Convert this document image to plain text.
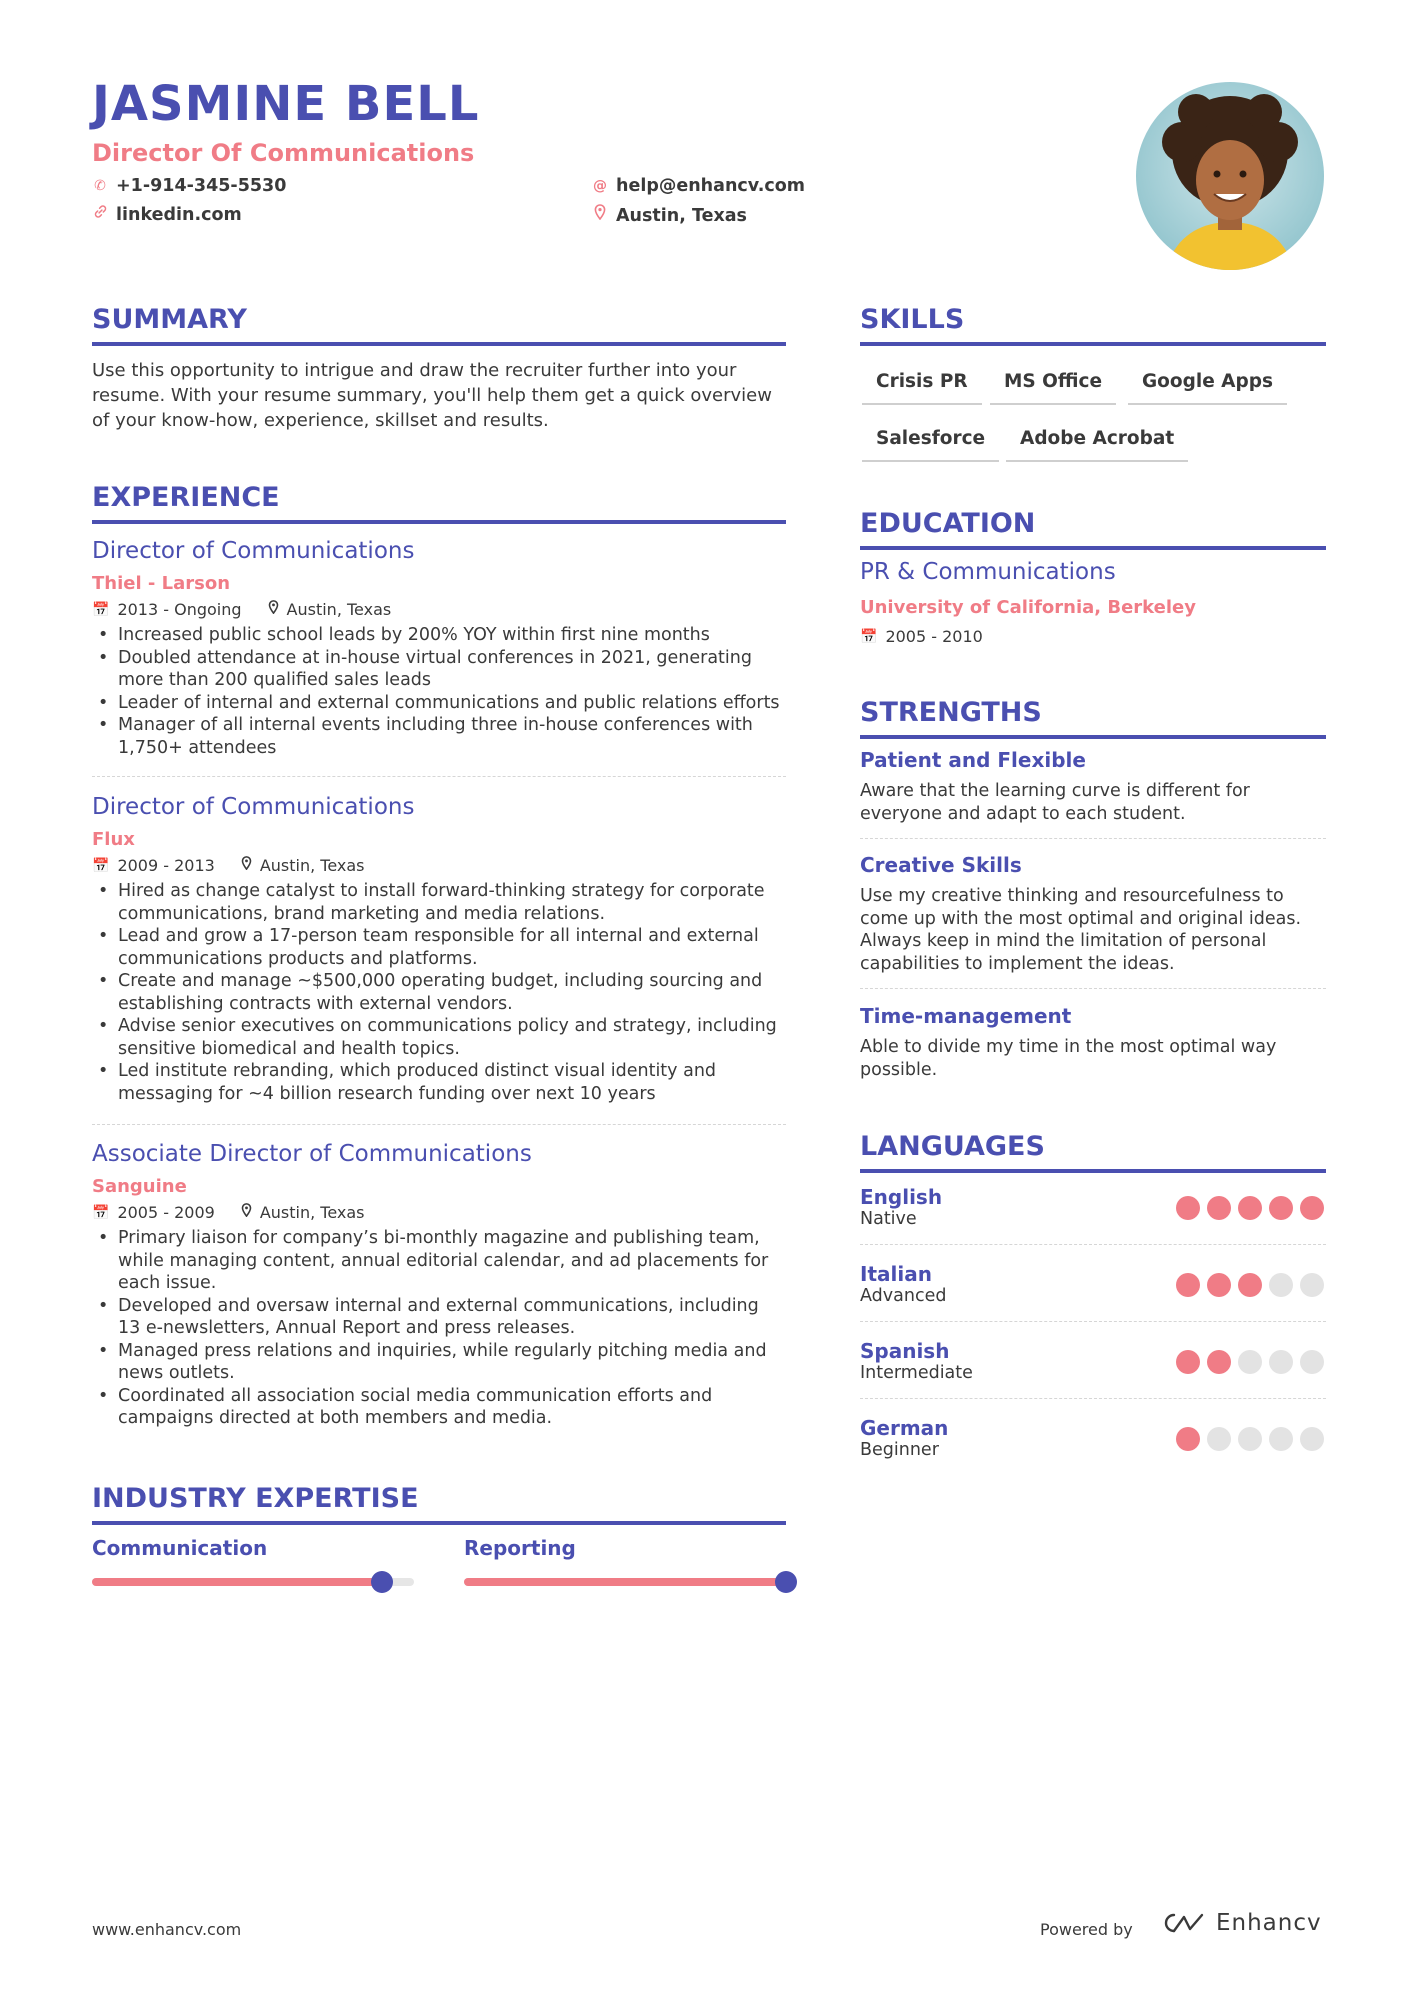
JASMINE BELL
Director Of Communications
✆ +1-914-345-5530	@ help@enhancv.com
linkedin.com	Austin, Texas
SUMMARY
Use this opportunity to intrigue and draw the recruiter further into your resume. With your resume summary, you'll help them get a quick overview of your know-how, experience, skillset and results.
EXPERIENCE
Director of Communications
Thiel - Larson
📅 2013 - Ongoing	Austin, Texas
• Increased public school leads by 200% YOY within first nine months
• Doubled attendance at in-house virtual conferences in 2021, generating more than 200 qualified sales leads
• Leader of internal and external communications and public relations efforts
• Manager of all internal events including three in-house conferences with 1,750+ attendees
Director of Communications
Flux
📅 2009 - 2013	Austin, Texas
• Hired as change catalyst to install forward-thinking strategy for corporate communications, brand marketing and media relations.
• Lead and grow a 17-person team responsible for all internal and external communications products and platforms.
• Create and manage ~$500,000 operating budget, including sourcing and establishing contracts with external vendors.
• Advise senior executives on communications policy and strategy, including sensitive biomedical and health topics.
• Led institute rebranding, which produced distinct visual identity and messaging for ~4 billion research funding over next 10 years
Associate Director of Communications
Sanguine
📅 2005 - 2009	Austin, Texas
• Primary liaison for company’s bi-monthly magazine and publishing team, while managing content, annual editorial calendar, and ad placements for each issue.
• Developed and oversaw internal and external communications, including 13 e-newsletters, Annual Report and press releases.
• Managed press relations and inquiries, while regularly pitching media and news outlets.
• Coordinated all association social media communication efforts and campaigns directed at both members and media.
INDUSTRY EXPERTISE
Communication	Reporting
SKILLS
Crisis PR	MS Office	Google Apps
Salesforce	Adobe Acrobat
EDUCATION
PR & Communications
University of California, Berkeley
📅 2005 - 2010
STRENGTHS
Patient and Flexible
Aware that the learning curve is different for everyone and adapt to each student.
Creative Skills
Use my creative thinking and resourcefulness to come up with the most optimal and original ideas. Always keep in mind the limitation of personal capabilities to implement the ideas.
Time-management
Able to divide my time in the most optimal way possible.
LANGUAGES
English
Native
Italian
Advanced
Spanish
Intermediate
German
Beginner
www.enhancv.com	Powered by	Enhancv
